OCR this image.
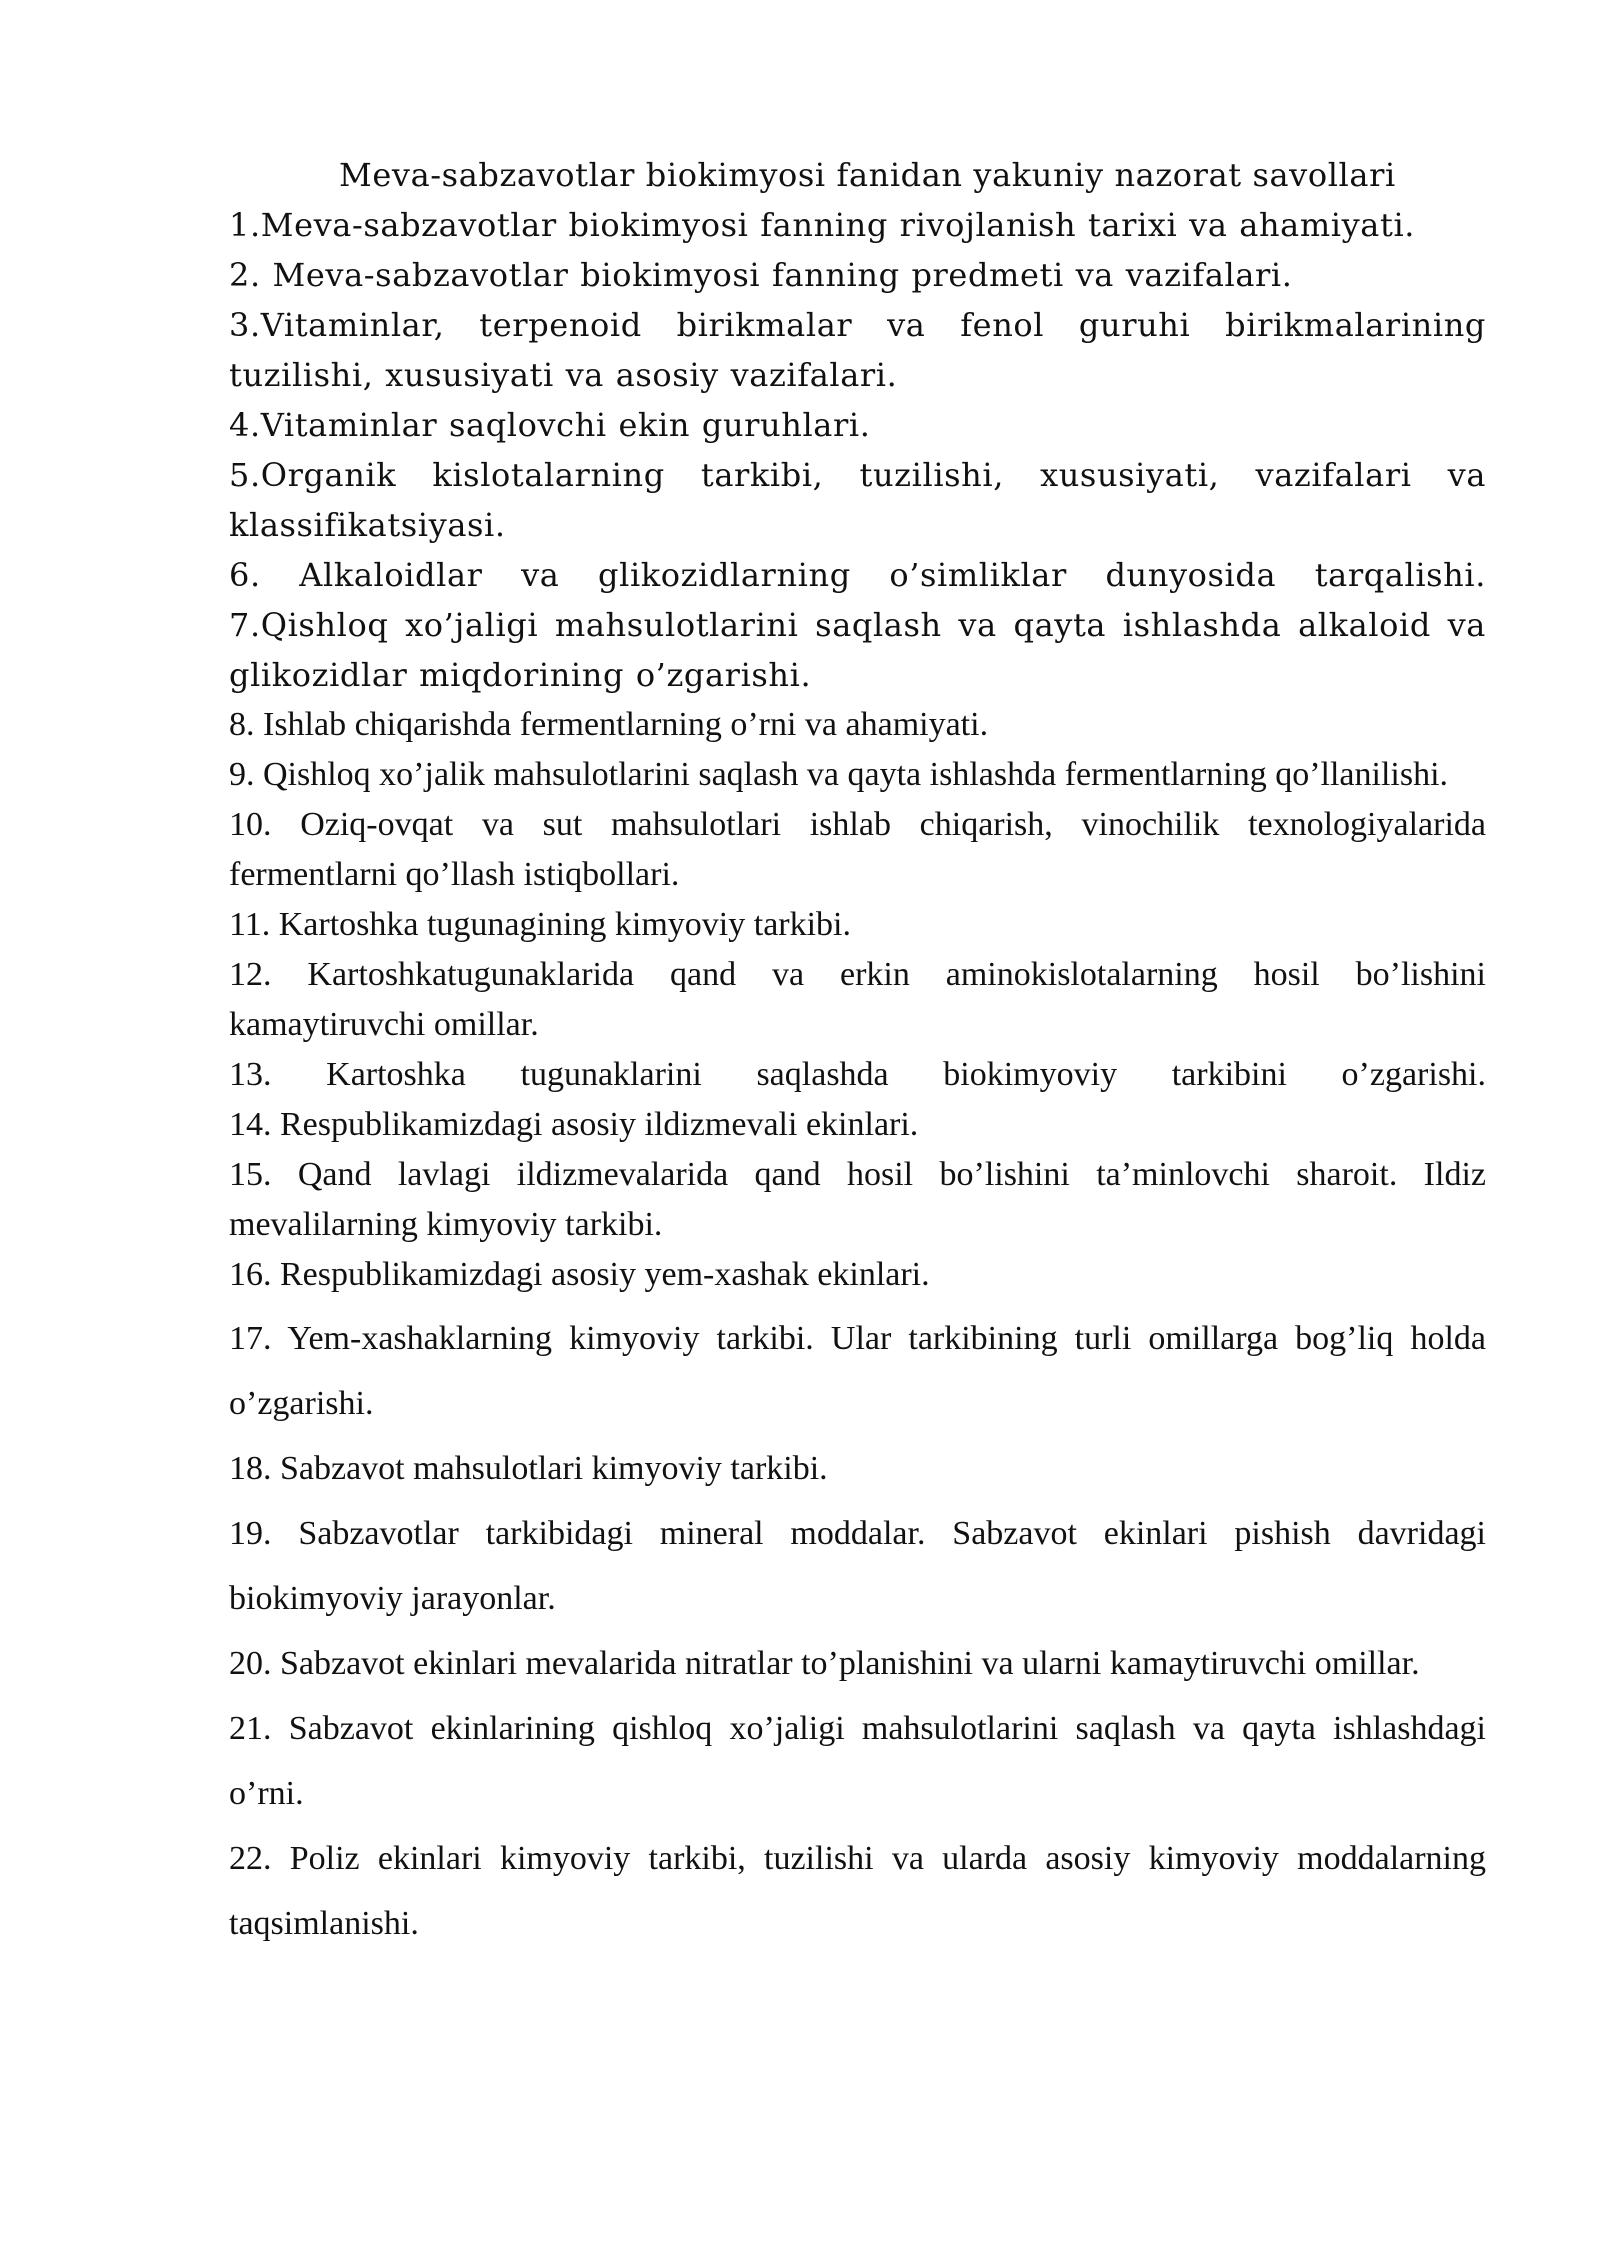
Meva-sabzavotlar biokimyosi fanidan yakuniy nazorat savollari
1.Meva-sabzavotlar biokimyosi fanning rivojlanish tarixi va ahamiyati.
2. Meva-sabzavotlar biokimyosi fanning predmeti va vazifalari.
3.Vitaminlar, terpenoid birikmalar va fenol guruhi birikmalarining tuzilishi, xususiyati va asosiy vazifalari.
4.Vitaminlar saqlovchi ekin guruhlari.
5.Organik kislotalarning tarkibi, tuzilishi, xususiyati, vazifalari va klassifikatsiyasi.
6. Alkaloidlar va glikozidlarning o’simliklar dunyosida tarqalishi. 7.Qishloq xo’jaligi mahsulotlarini saqlash va qayta ishlashda alkaloid va glikozidlar miqdorining o’zgarishi.
8. Ishlab chiqarishda fermentlarning o’rni va ahamiyati.
9. Qishloq xo’jalik mahsulotlarini saqlash va qayta ishlashda fermentlarning qo’llanilishi.
10. Oziq-ovqat va sut mahsulotlari ishlab chiqarish, vinochilik texnologiyalarida fermentlarni qo’llash istiqbollari.
11. Kartoshka tugunagining kimyoviy tarkibi.
12. Kartoshkatugunaklarida qand va erkin aminokislotalarning hosil bo’lishini kamaytiruvchi omillar.
13. Kartoshka tugunaklarini saqlashda biokimyoviy tarkibini o’zgarishi.
14. Respublikamizdagi asosiy ildizmevali ekinlari.
15. Qand lavlagi ildizmevalarida qand hosil bo’lishini ta’minlovchi sharoit. Ildiz mevalilarning kimyoviy tarkibi.
16. Respublikamizdagi asosiy yem-xashak ekinlari.
17. Yem-xashaklarning kimyoviy tarkibi. Ular tarkibining turli omillarga bog’liq holda o’zgarishi.
18. Sabzavot mahsulotlari kimyoviy tarkibi.
19. Sabzavotlar tarkibidagi mineral moddalar. Sabzavot ekinlari pishish davridagi biokimyoviy jarayonlar.
20. Sabzavot ekinlari mevalarida nitratlar to’planishini va ularni kamaytiruvchi omillar.
21. Sabzavot ekinlarining qishloq xo’jaligi mahsulotlarini saqlash va qayta ishlashdagi o’rni.
22. Poliz ekinlari kimyoviy tarkibi, tuzilishi va ularda asosiy kimyoviy moddalarning taqsimlanishi.
